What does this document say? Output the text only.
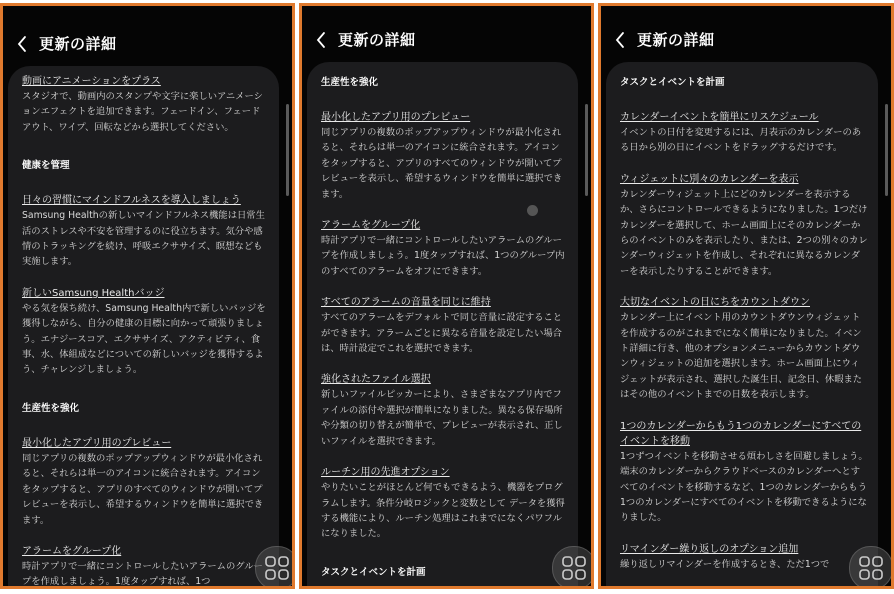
更新の詳細
動画にアニメーションをプラス
スタジオで、動画内のスタンプや文字に楽しいアニメーションエフェクトを追加できます。フェードイン、フェードアウト、ワイプ、回転などから選択してください。
健康を管理
日々の習慣にマインドフルネスを導入しましょう
Samsung Healthの新しいマインドフルネス機能は日常生活のストレスや不安を管理するのに役立ちます。気分や感情のトラッキングを続け、呼吸エクササイズ、瞑想なども実施します。
新しいSamsung Healthバッジ
やる気を保ち続け、Samsung Health内で新しいバッジを獲得しながら、自分の健康の目標に向かって頑張りましょう。エナジースコア、エクササイズ、アクティビティ、食事、水、体組成などについての新しいバッジを獲得するよう、チャレンジしましょう。
生産性を強化
最小化したアプリ用のプレビュー
同じアプリの複数のポップアップウィンドウが最小化されると、それらは単一のアイコンに統合されます。アイコンをタップすると、アプリのすべてのウィンドウが開いてプレビューを表示し、希望するウィンドウを簡単に選択できます。
アラームをグループ化
時計アプリで一緒にコントロールしたいアラームのグループを作成しましょう。1度タップすれば、1つ
更新の詳細
生産性を強化
最小化したアプリ用のプレビュー
同じアプリの複数のポップアップウィンドウが最小化されると、それらは単一のアイコンに統合されます。アイコンをタップすると、アプリのすべてのウィンドウが開いてプレビューを表示し、希望するウィンドウを簡単に選択できます。
アラームをグループ化
時計アプリで一緒にコントロールしたいアラームのグループを作成しましょう。1度タップすれば、1つのグループ内のすべてのアラームをオフにできます。
すべてのアラームの音量を同じに維持
すべてのアラームをデフォルトで同じ音量に設定することができます。アラームごとに異なる音量を設定したい場合は、時計設定でこれを選択できます。
強化されたファイル選択
新しいファイルピッカーにより、さまざまなアプリ内でファイルの添付や選択が簡単になりました。異なる保存場所や分類の切り替えが簡単で、プレビューが表示され、正しいファイルを選択できます。
ルーチン用の先進オプション
やりたいことがほとんど何でもできるよう、機器をプログラムします。条件分岐ロジックと変数として データを獲得する機能により、ルーチン処理はこれまでになくパワフルになりました。
タスクとイベントを計画
更新の詳細
タスクとイベントを計画
カレンダーイベントを簡単にリスケジュール
イベントの日付を変更するには、月表示のカレンダーのある日から別の日にイベントをドラッグするだけです。
ウィジェットに別々のカレンダーを表示
カレンダーウィジェット上にどのカレンダーを表示するか、さらにコントロールできるようになりました。1つだけカレンダーを選択して、ホーム画面上にそのカレンダーからのイベントのみを表示したり、または、2つの別々のカレンダーウィジェットを作成し、それぞれに異なるカレンダーを表示したりすることができます。
大切なイベントの日にちをカウントダウン
カレンダー上にイベント用のカウントダウンウィジェットを作成するのがこれまでになく簡単になりました。イベント詳細に行き、他のオプションメニューからカウントダウンウィジェットの追加を選択します。ホーム画面上にウィジェットが表示され、選択した誕生日、記念日、休暇またはその他のイベントまでの日数を表示します。
1つのカレンダーからもう1つのカレンダーにすべてのイベントを移動
1つずつイベントを移動させる煩わしさを回避しましょう。端末のカレンダーからクラウドベースのカレンダーへとすべてのイベントを移動するなど、1つのカレンダーからもう1つのカレンダーにすべてのイベントを移動できるようになりました。
リマインダー繰り返しのオプション追加
繰り返しリマインダーを作成するとき、ただ1つで
